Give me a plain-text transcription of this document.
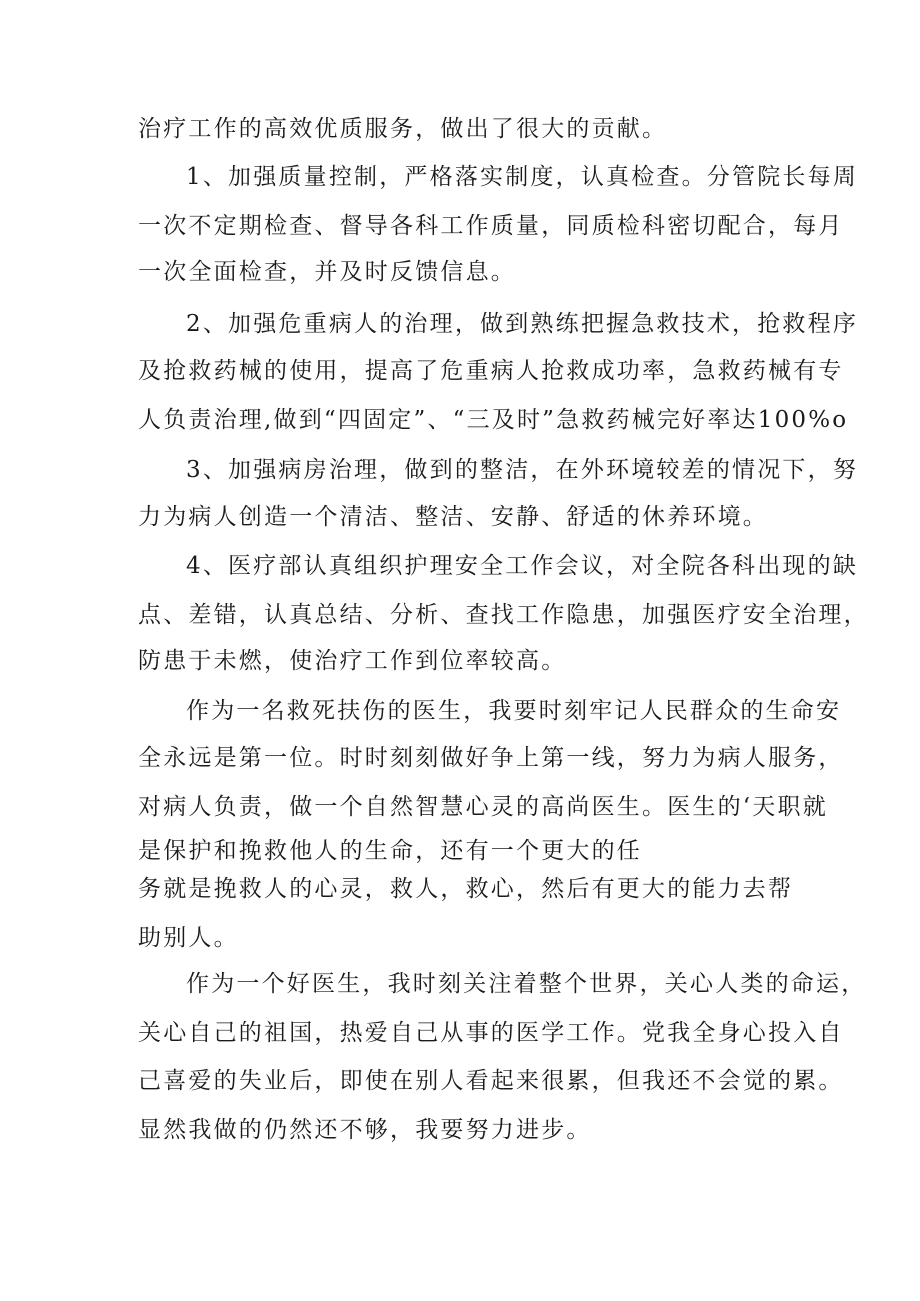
治疗工作的高效优质服务，做出了很大的贡献。

1、加强质量控制，严格落实制度，认真检查。分管院长每周

一次不定期检查、督导各科工作质量，同质检科密切配合，每月

一次全面检查，并及时反馈信息。

2、加强危重病人的治理，做到熟练把握急救技术，抢救程序

及抢救药械的使用，提高了危重病人抢救成功率，急救药械有专

人负责治理,做到“四固定”、“三及时”急救药械完好率达100%o

3、加强病房治理，做到的整洁，在外环境较差的情况下，努

力为病人创造一个清洁、整洁、安静、舒适的休养环境。

4、医疗部认真组织护理安全工作会议，对全院各科出现的缺

点、差错，认真总结、分析、查找工作隐患，加强医疗安全治理，

防患于未燃，使治疗工作到位率较高。

作为一名救死扶伤的医生，我要时刻牢记人民群众的生命安

全永远是第一位。时时刻刻做好争上第一线，努力为病人服务，

对病人负责，做一个自然智慧心灵的高尚医生。医生的‘天职就

是保护和挽救他人的生命，还有一个更大的任

务就是挽救人的心灵，救人，救心，然后有更大的能力去帮

助别人。

作为一个好医生，我时刻关注着整个世界，关心人类的命运，

关心自己的祖国，热爱自己从事的医学工作。党我全身心投入自

己喜爱的失业后，即使在别人看起来很累，但我还不会觉的累。

显然我做的仍然还不够，我要努力进步。
